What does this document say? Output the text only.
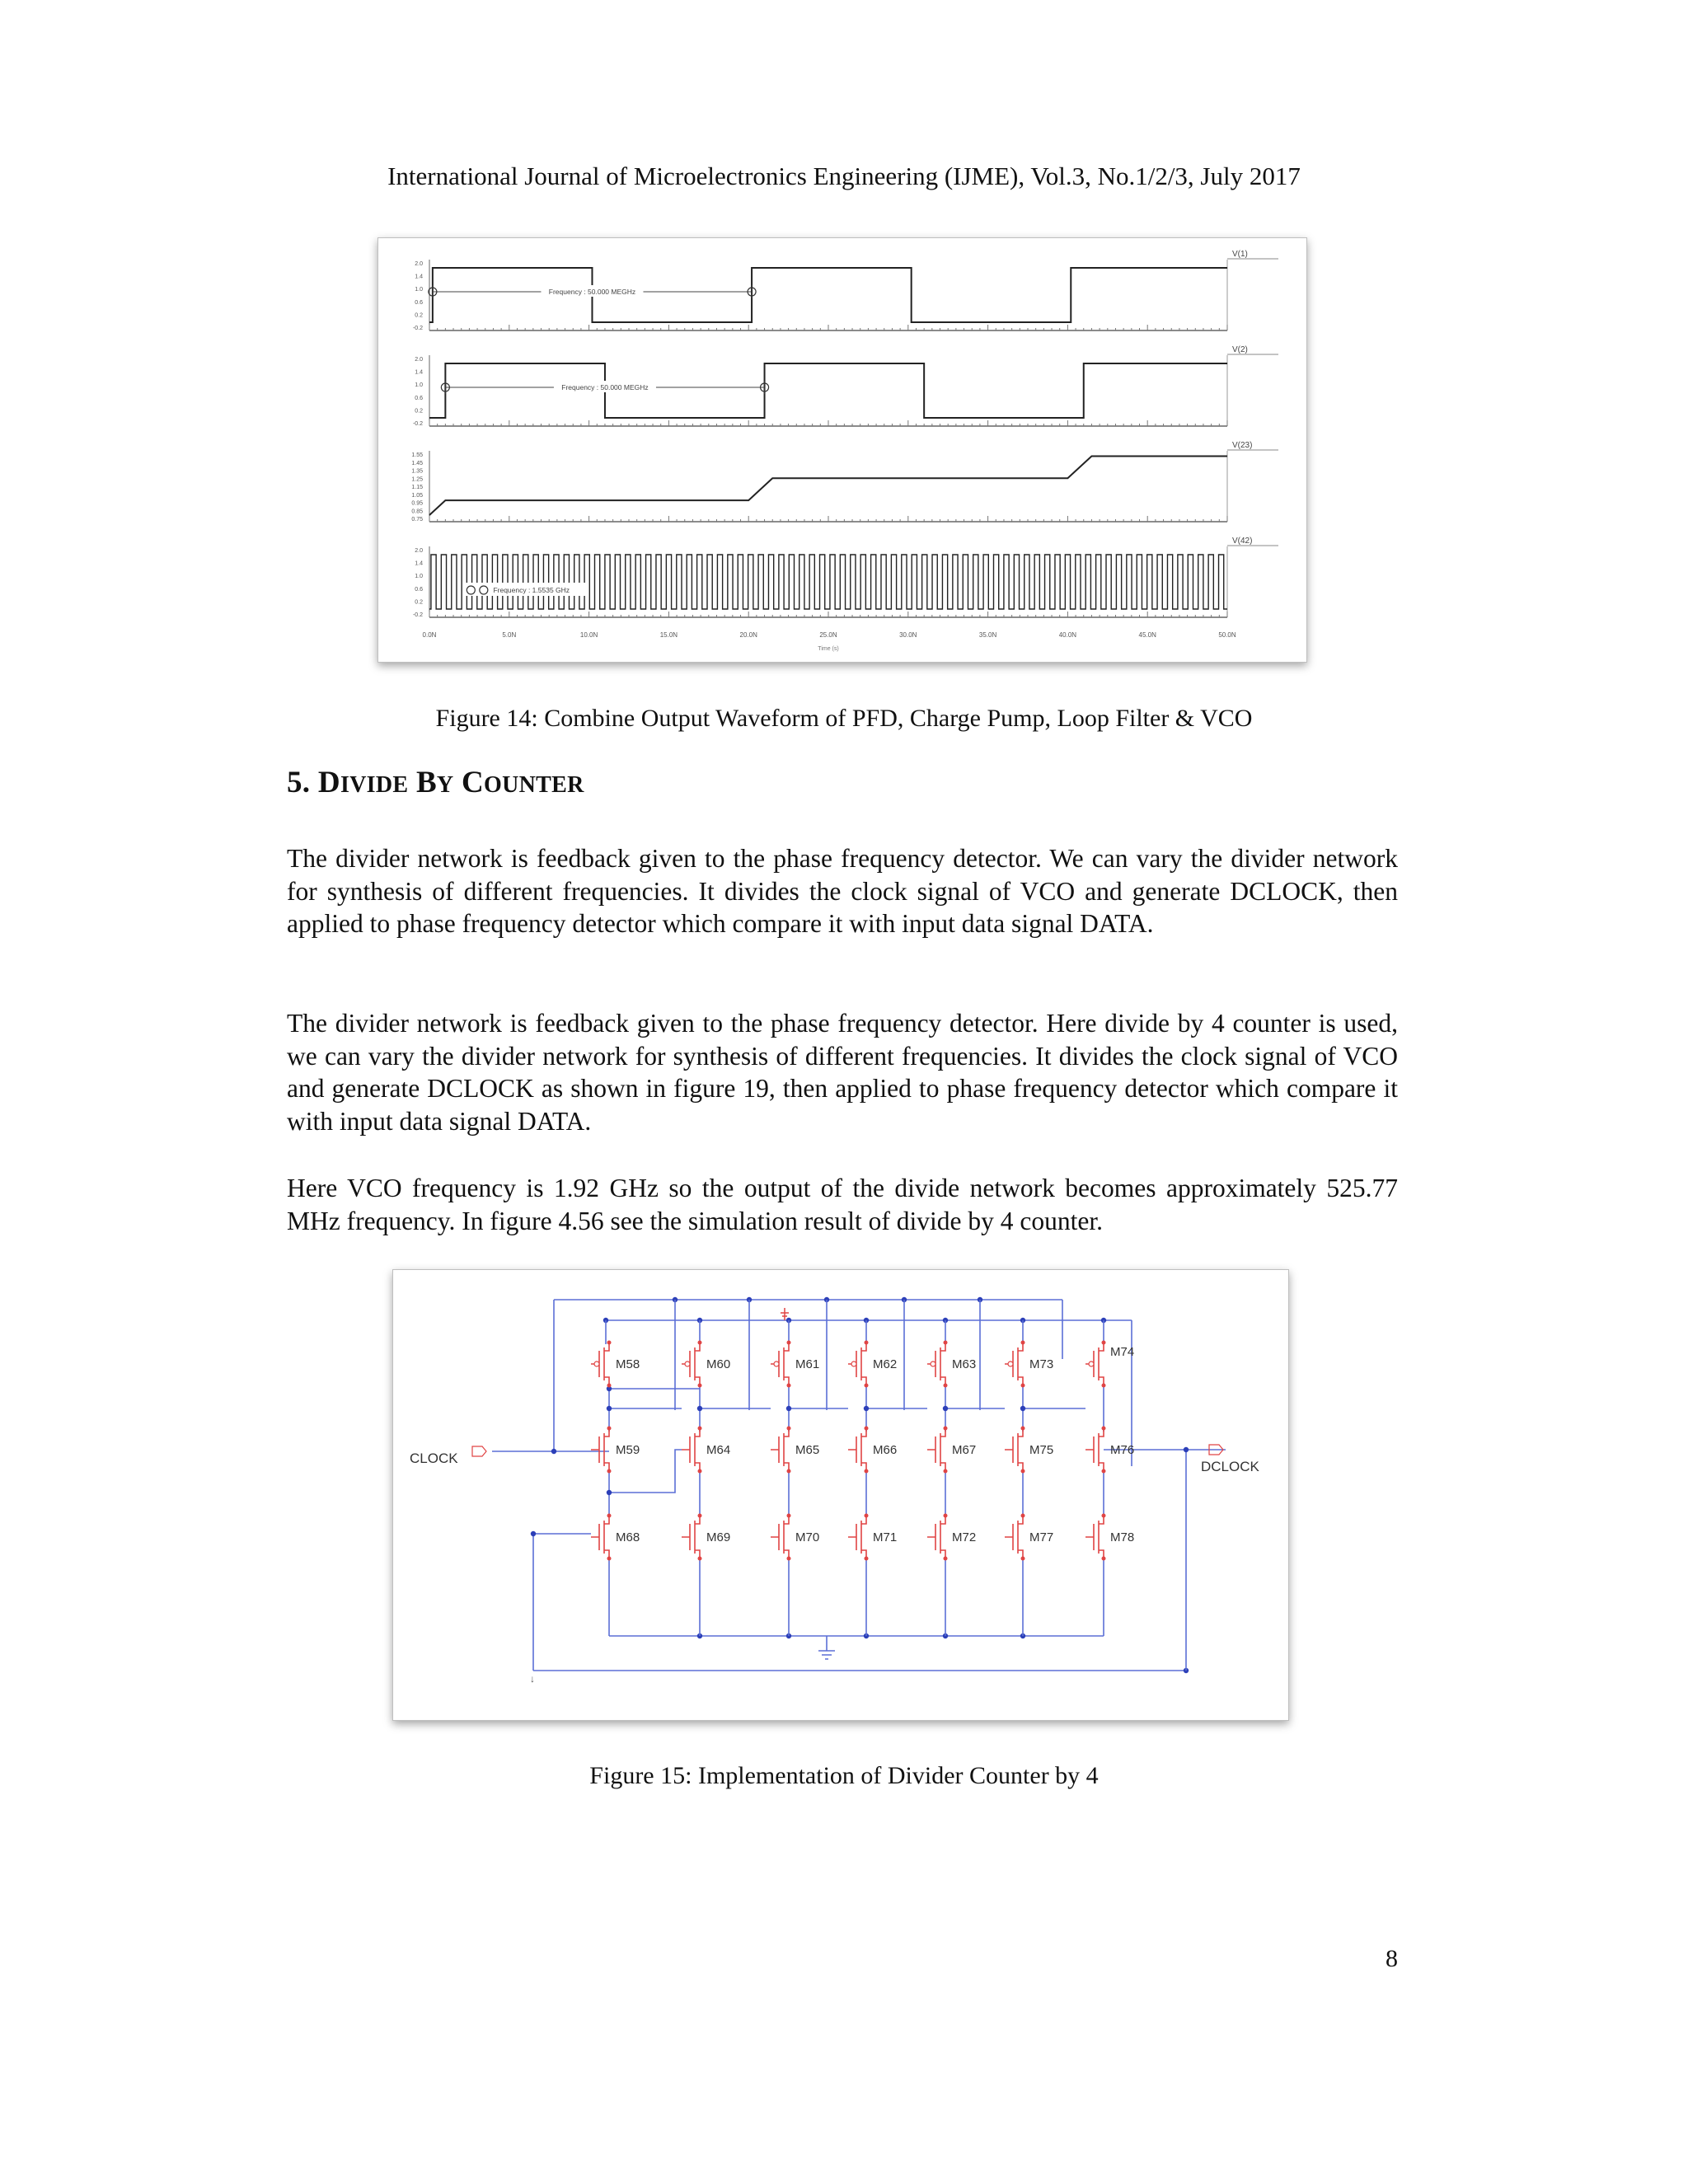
International Journal of Microelectronics Engineering (IJME), Vol.3, No.1/2/3, July 2017
2.0
1.4
1.0
0.6
0.2
-0.2
V(1)
2.0
1.4
1.0
0.6
0.2
-0.2
V(2)
1.55
1.45
1.35
1.25
1.15
1.05
0.95
0.85
0.75
V(23)
2.0
1.4
1.0
0.6
0.2
-0.2
V(42)
Frequency : 50.000 MEGHz
Frequency : 50.000 MEGHz
Frequency : 1.5535 GHz
0.0N	5.0N	10.0N	15.0N	20.0N	25.0N	30.0N	35.0N	40.0N	45.0N	50.0N
Time (s)
Figure 14: Combine Output Waveform of PFD, Charge Pump, Loop Filter & VCO
5. DIVIDE BY COUNTER
The divider network is feedback given to the phase frequency detector. We can vary the divider network for synthesis of different frequencies. It divides the clock signal of VCO and generate DCLOCK, then applied to phase frequency detector which compare it with input data signal DATA.
The divider network is feedback given to the phase frequency detector. Here divide by 4 counter is used, we can vary the divider network for synthesis of different frequencies. It divides the clock signal of VCO and generate DCLOCK as shown in figure 19, then applied to phase frequency detector which compare it with input data signal DATA.
Here VCO frequency is 1.92 GHz so the output of the divide network becomes approximately 525.77 MHz frequency. In figure 4.56 see the simulation result of divide by 4 counter.
↓
CLOCK
DCLOCK
M58	M60	M61	M62	M63	M73
M74
M59	M64	M65	M66	M67	M75	M76
M68	M69	M70	M71	M72	M77	M78
Figure 15: Implementation of Divider Counter by 4
8
